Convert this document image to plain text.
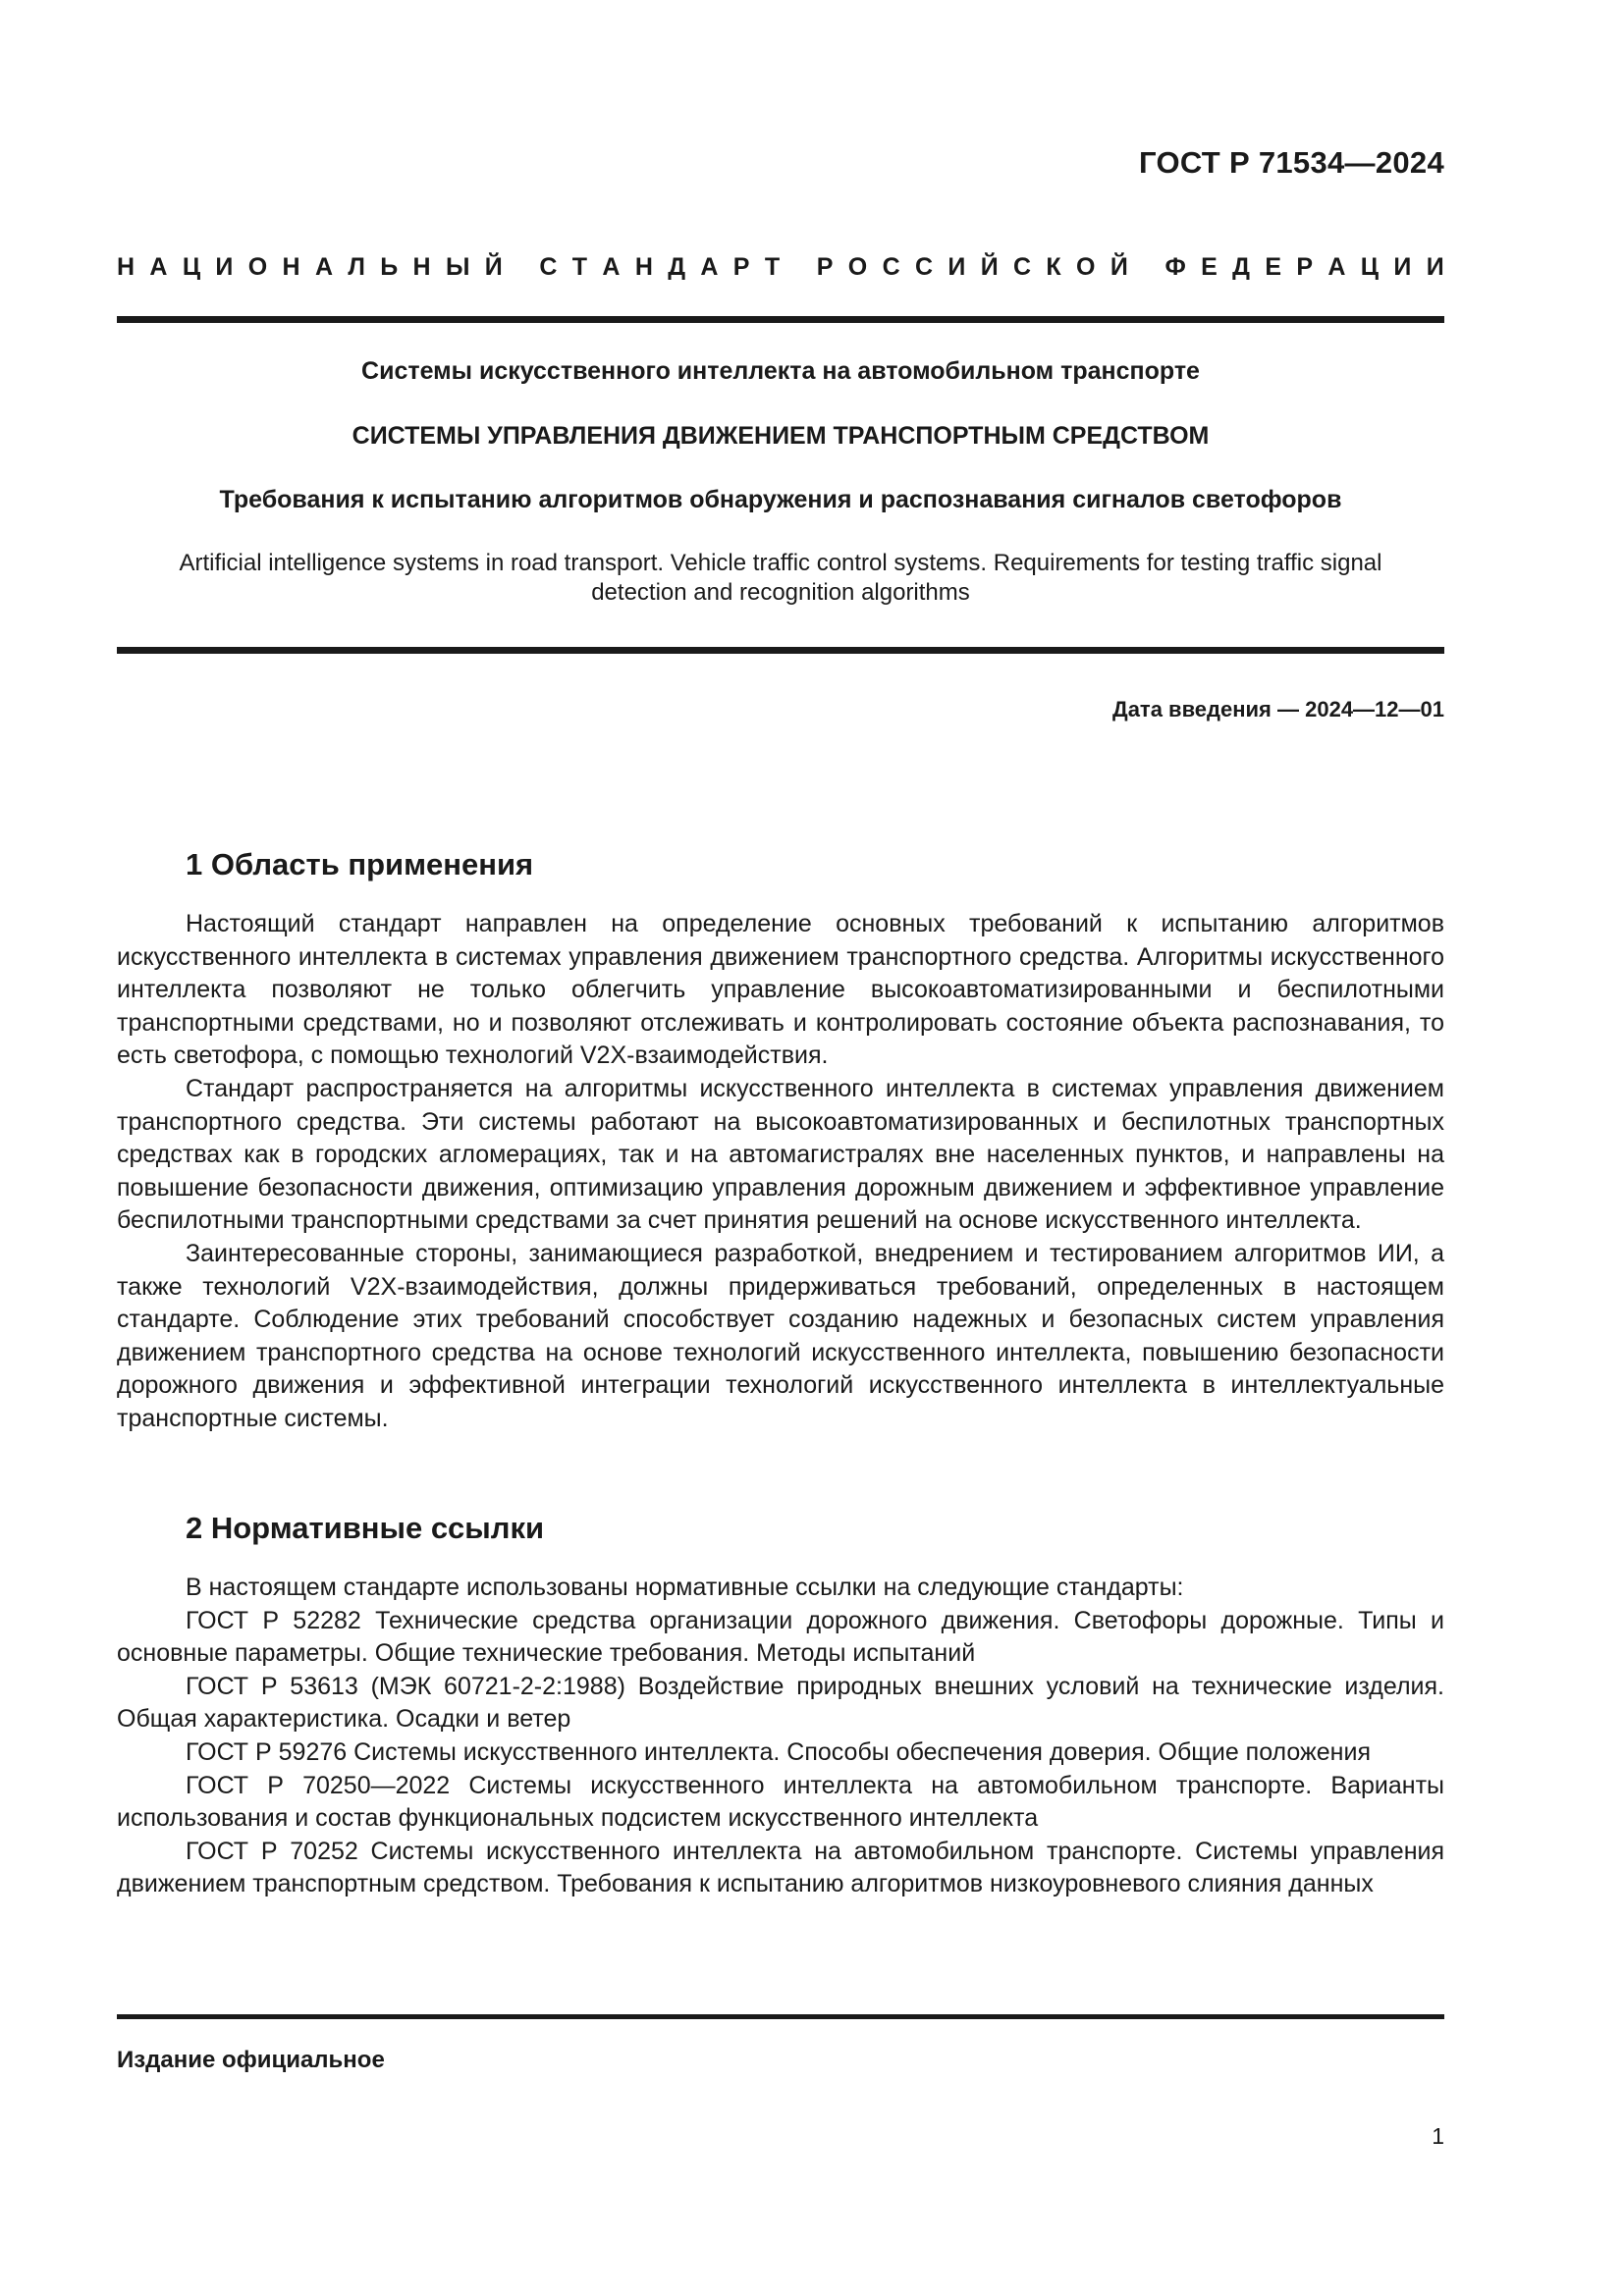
ГОСТ Р 71534—2024
Н А Ц И О Н А Л Ь Н Ы Й
С Т А Н Д А Р Т
Р О С С И Й С К О Й
Ф Е Д Е Р А Ц И И
Системы искусственного интеллекта на автомобильном транспорте
СИСТЕМЫ УПРАВЛЕНИЯ ДВИЖЕНИЕМ ТРАНСПОРТНЫМ СРЕДСТВОМ
Требования к испытанию алгоритмов обнаружения и распознавания сигналов светофоров
Artificial intelligence systems in road transport. Vehicle traffic control systems. Requirements for testing traffic signal detection and recognition algorithms
Дата введения — 2024—12—01
1 Область применения

Настоящий стандарт направлен на определение основных требований к испытанию алгоритмов искусственного интеллекта в системах управления движением транспортного средства. Алгоритмы искусственного интеллекта позволяют не только облегчить управление высокоавтоматизированными и беспилотными транспортными средствами, но и позволяют отслеживать и контролировать состояние объекта распознавания, то есть светофора, с помощью технологий V2X-взаимодействия.

Стандарт распространяется на алгоритмы искусственного интеллекта в системах управления движением транспортного средства. Эти системы работают на высокоавтоматизированных и беспилотных транспортных средствах как в городских агломерациях, так и на автомагистралях вне населенных пунктов, и направлены на повышение безопасности движения, оптимизацию управления дорожным движением и эффективное управление беспилотными транспортными средствами за счет принятия решений на основе искусственного интеллекта.

Заинтересованные стороны, занимающиеся разработкой, внедрением и тестированием алгоритмов ИИ, а также технологий V2X-взаимодействия, должны придерживаться требований, определенных в настоящем стандарте. Соблюдение этих требований способствует созданию надежных и безопасных систем управления движением транспортного средства на основе технологий искусственного интеллекта, повышению безопасности дорожного движения и эффективной интеграции технологий искусственного интеллекта в интеллектуальные транспортные системы.

2 Нормативные ссылки

В настоящем стандарте использованы нормативные ссылки на следующие стандарты:

ГОСТ Р 52282 Технические средства организации дорожного движения. Светофоры дорожные. Типы и основные параметры. Общие технические требования. Методы испытаний

ГОСТ Р 53613 (МЭК 60721-2-2:1988) Воздействие природных внешних условий на технические изделия. Общая характеристика. Осадки и ветер

ГОСТ Р 59276 Системы искусственного интеллекта. Способы обеспечения доверия. Общие положения

ГОСТ Р 70250—2022 Системы искусственного интеллекта на автомобильном транспорте. Варианты использования и состав функциональных подсистем искусственного интеллекта

ГОСТ Р 70252 Системы искусственного интеллекта на автомобильном транспорте. Системы управления движением транспортным средством. Требования к испытанию алгоритмов низкоуровневого слияния данных

Издание официальное
1
